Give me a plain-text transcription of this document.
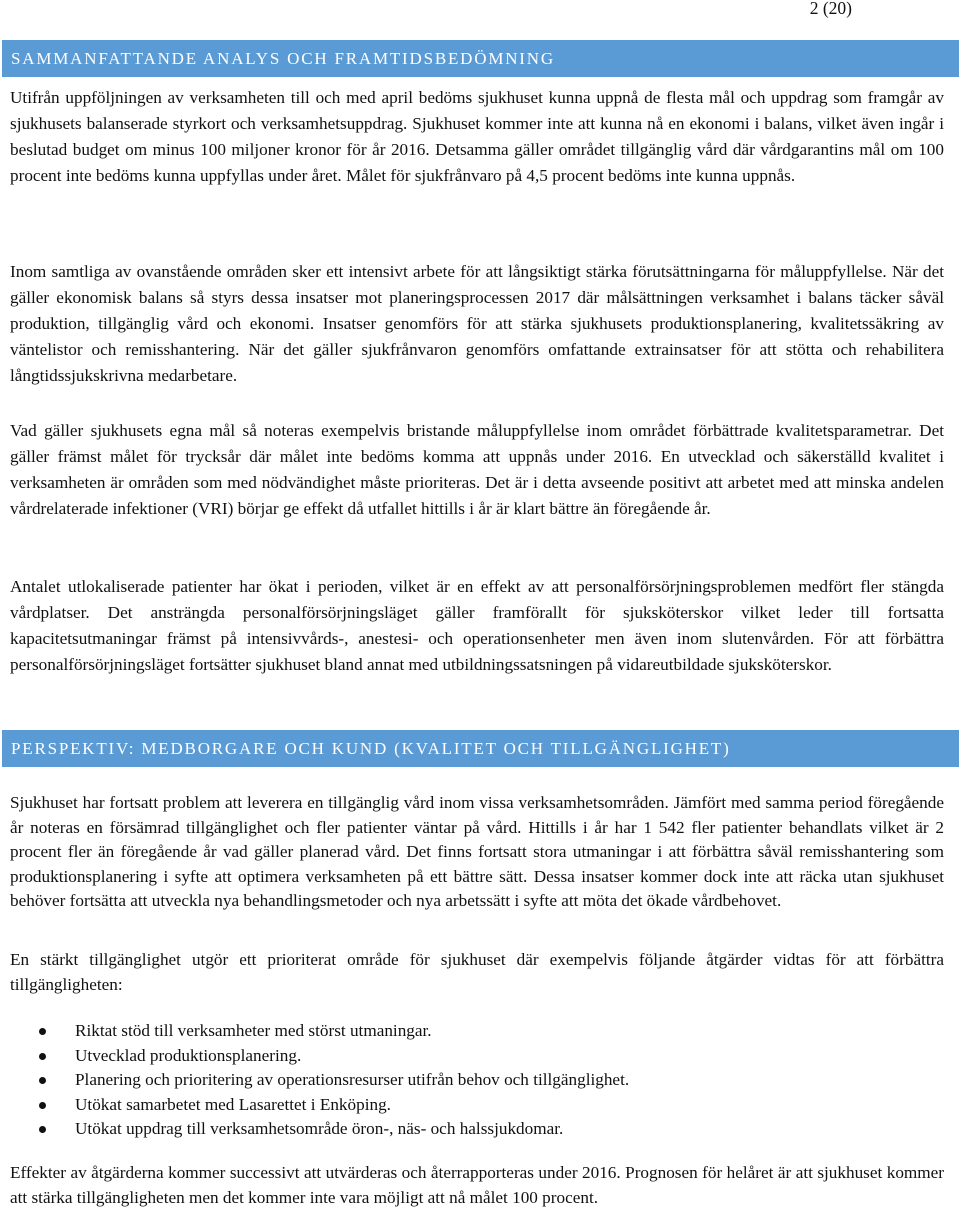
2 (20)
SAMMANFATTANDE ANALYS OCH FRAMTIDSBEDÖMNING

Utifrån uppföljningen av verksamheten till och med april bedöms sjukhuset kunna uppnå de flesta mål och uppdrag som framgår av sjukhusets balanserade styrkort och verksamhetsuppdrag. Sjukhuset kommer inte att kunna nå en ekonomi i balans, vilket även ingår i beslutad budget om minus 100 miljoner kronor för år 2016. Detsamma gäller området tillgänglig vård där vårdgarantins mål om 100 procent inte bedöms kunna uppfyllas under året. Målet för sjukfrånvaro på 4,5 procent bedöms inte kunna uppnås.

Inom samtliga av ovanstående områden sker ett intensivt arbete för att långsiktigt stärka förutsättningarna för måluppfyllelse. När det gäller ekonomisk balans så styrs dessa insatser mot planeringsprocessen 2017 där målsättningen verksamhet i balans täcker såväl produktion, tillgänglig vård och ekonomi. Insatser genomförs för att stärka sjukhusets produktionsplanering, kvalitetssäkring av väntelistor och remisshantering. När det gäller sjukfrånvaron genomförs omfattande extrainsatser för att stötta och rehabilitera långtidssjukskrivna medarbetare.

Vad gäller sjukhusets egna mål så noteras exempelvis bristande måluppfyllelse inom området förbättrade kvalitetsparametrar. Det gäller främst målet för trycksår där målet inte bedöms komma att uppnås under 2016. En utvecklad och säkerställd kvalitet i verksamheten är områden som med nödvändighet måste prioriteras. Det är i detta avseende positivt att arbetet med att minska andelen vårdrelaterade infektioner (VRI) börjar ge effekt då utfallet hittills i år är klart bättre än föregående år.

Antalet utlokaliserade patienter har ökat i perioden, vilket är en effekt av att personalförsörjningsproblemen medfört fler stängda vårdplatser. Det ansträngda personalförsörjningsläget gäller framförallt för sjuksköterskor vilket leder till fortsatta kapacitetsutmaningar främst på intensivvårds-, anestesi- och operationsenheter men även inom slutenvården. För att förbättra personalförsörjningsläget fortsätter sjukhuset bland annat med utbildningssatsningen på vidareutbildade sjuksköterskor.

PERSPEKTIV: MEDBORGARE OCH KUND (KVALITET OCH TILLGÄNGLIGHET)

Sjukhuset har fortsatt problem att leverera en tillgänglig vård inom vissa verksamhetsområden. Jämfört med samma period föregående år noteras en försämrad tillgänglighet och fler patienter väntar på vård. Hittills i år har 1 542 fler patienter behandlats vilket är 2 procent fler än föregående år vad gäller planerad vård. Det finns fortsatt stora utmaningar i att förbättra såväl remisshantering som produktionsplanering i syfte att optimera verksamheten på ett bättre sätt. Dessa insatser kommer dock inte att räcka utan sjukhuset behöver fortsätta att utveckla nya behandlingsmetoder och nya arbetssätt i syfte att möta det ökade vårdbehovet.

En stärkt tillgänglighet utgör ett prioriterat område för sjukhuset där exempelvis följande åtgärder vidtas för att förbättra tillgängligheten:

Riktat stöd till verksamheter med störst utmaningar.
Utvecklad produktionsplanering.
Planering och prioritering av operationsresurser utifrån behov och tillgänglighet.
Utökat samarbetet med Lasarettet i Enköping.
Utökat uppdrag till verksamhetsområde öron-, näs- och halssjukdomar.

Effekter av åtgärderna kommer successivt att utvärderas och återrapporteras under 2016. Prognosen för helåret är att sjukhuset kommer att stärka tillgängligheten men det kommer inte vara möjligt att nå målet 100 procent.
